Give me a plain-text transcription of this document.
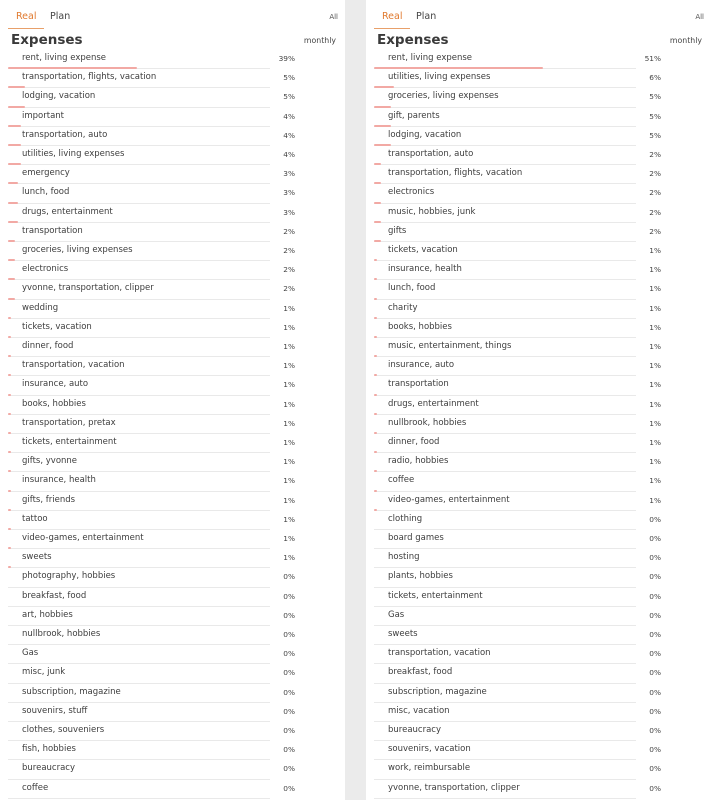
Real	Plan	All
Expenses	monthly
rent, living expense	39%
transportation, flights, vacation	5%
lodging, vacation	5%
important	4%
transportation, auto	4%
utilities, living expenses	4%
emergency	3%
lunch, food	3%
drugs, entertainment	3%
transportation	2%
groceries, living expenses	2%
electronics	2%
yvonne, transportation, clipper	2%
wedding	1%
tickets, vacation	1%
dinner, food	1%
transportation, vacation	1%
insurance, auto	1%
books, hobbies	1%
transportation, pretax	1%
tickets, entertainment	1%
gifts, yvonne	1%
insurance, health	1%
gifts, friends	1%
tattoo	1%
video-games, entertainment	1%
sweets	1%
photography, hobbies	0%
breakfast, food	0%
art, hobbies	0%
nullbrook, hobbies	0%
Gas	0%
misc, junk	0%
subscription, magazine	0%
souvenirs, stuff	0%
clothes, souveniers	0%
fish, hobbies	0%
bureaucracy	0%
coffee	0%
Real	Plan	All
Expenses	monthly
rent, living expense	51%
utilities, living expenses	6%
groceries, living expenses	5%
gift, parents	5%
lodging, vacation	5%
transportation, auto	2%
transportation, flights, vacation	2%
electronics	2%
music, hobbies, junk	2%
gifts	2%
tickets, vacation	1%
insurance, health	1%
lunch, food	1%
charity	1%
books, hobbies	1%
music, entertainment, things	1%
insurance, auto	1%
transportation	1%
drugs, entertainment	1%
nullbrook, hobbies	1%
dinner, food	1%
radio, hobbies	1%
coffee	1%
video-games, entertainment	1%
clothing	0%
board games	0%
hosting	0%
plants, hobbies	0%
tickets, entertainment	0%
Gas	0%
sweets	0%
transportation, vacation	0%
breakfast, food	0%
subscription, magazine	0%
misc, vacation	0%
bureaucracy	0%
souvenirs, vacation	0%
work, reimbursable	0%
yvonne, transportation, clipper	0%
